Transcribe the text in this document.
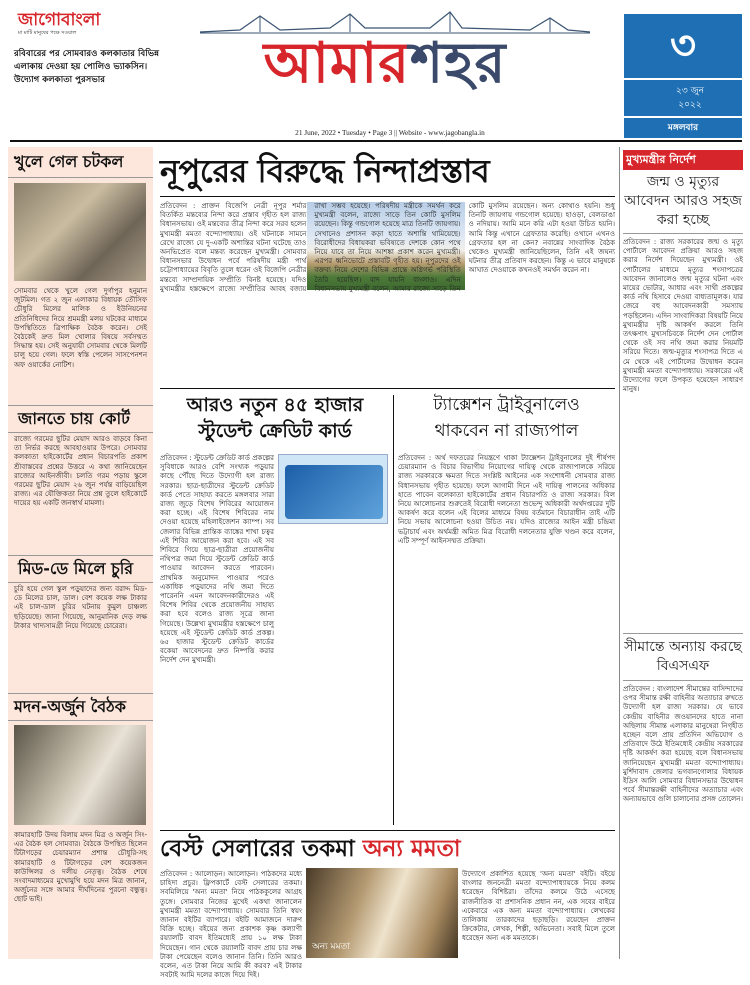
জাগোবাংলা
মা মাটি মানুষের পক্ষে সওয়াল
রবিবারের পর সোমবারও কলকাতার বিভিন্ন এলাকায় দেওয়া হয় পোলিও ভ্যাকসিন। উদ্যোগ কলকাতা পুরসভার	আমারশহর
21 June, 2022 • Tuesday • Page 3 || Website - www.jagobangla.in
৩
২৩ জুন ২০২২
মঙ্গলবার
খুলে গেল চটকল
সোমবার থেকে খুলে গেল দুর্গাপুর হনুমান জুটমিল। গত ২ জুন এলাকার বিধায়ক তৌসিফ চৌধুরি মিলের মালিক ও ইউনিয়নের প্রতিনিধিদের নিয়ে শ্রমমন্ত্রী মলয় ঘটকের মাধ্যমে উপস্থিতিতে ত্রিপাক্ষিক বৈঠক করেন। সেই বৈঠকেই দ্রুত মিল খোলার বিষয়ে সর্বসম্মত সিদ্ধান্ত হয়। সেই অনুযায়ী সোমবার থেকে মিলটি চালু হয়ে গেল। ফলে স্বস্তি পেলেন সাসপেনশন অফ ওয়ার্কের নোটিশ।
জানতে চায় কোর্ট
রাজ্যে গরমের ছুটির মেয়াদ আরও বাড়বে কিনা তা নির্ভর করছে আবহাওয়ার উপরে। সোমবার কলকাতা হাইকোর্টের প্রধান বিচারপতি প্রকাশ শ্রীবাস্তবের প্রশ্নের উত্তরে এ কথা জানিয়েছেন রাজ্যের আইনজীবী। চলতি গরম পড়ায় স্কুলে গরমের ছুটির মেয়াদ ২৬ জুন পর্যন্ত বাড়িয়েছিল রাজ্য। এর যৌক্তিকতা নিয়ে প্রশ্ন তুলে হাইকোর্টে দায়ের হয় একটি জনস্বার্থ মামলা।
মিড-ডে মিলে চুরি
চুরি হয়ে গেল স্কুল পড়ুয়াদের জন্য বরাদ্দ মিড-ডে মিলের চাল, ডাল। বেশ কয়েক লক্ষ টাকার এই চাল-ডাল চুরির ঘটনায় কুমুল চাঞ্চল্য ছড়িয়েছে। জানা গিয়েছে, আনুমানিক দেড় লক্ষ টাকার খাদ্যসামগ্রী নিয়ে গিয়েছে চোরেরা।
মদন-অর্জুন বৈঠক
কামারহাটি উদয় বিলায় মদন মিত্র ও অর্জুন সিং-এর বৈঠক হল সোমবার। বৈঠকে উপস্থিত ছিলেন টিটাগড়ের চেয়ারম্যান প্রশান্ত চৌধুরি-সহ কামারহাটি ও টিটাগড়ের বেশ কয়েকজন কাউন্সিলর ও দলীয় নেতৃত্ব। বৈঠক শেষে সংবাদমাধ্যমের মুখোমুখি হয়ে মদন মিত্র জানান, অর্জুনের সঙ্গে আমার দীর্ঘদিনের পুরনো বন্ধুত্ব। ছোট ভাই।
নূপুরের বিরুদ্ধে নিন্দাপ্রস্তাব
প্রতিবেদন : প্রাক্তন বিজেপি নেত্রী নূপুর শর্মার বিতর্কিত মন্তব্যের নিন্দা করে প্রস্তাব গৃহীত হল রাজ্য বিধানসভায়। ওই মন্তব্যের তীব্র নিন্দা করে সরব হলেন মুখ্যমন্ত্রী মমতা বন্দ্যোপাধ্যায়। ওই ঘটনাকে সামনে রেখে রাজ্যে যে দু-একটি অশান্তির ঘটনা ঘটেছে তাও অনভিপ্রেত বলে মন্তব্য করেছেন মুখ্যমন্ত্রী। সোমবার বিধানসভার উদ্বোধন পর্বে পরিষদীয় মন্ত্রী পার্থ চট্টোপাধ্যায়ের বিবৃতি তুলে ধরেন ওই বিজেপি নেত্রীর মন্তব্যে সাম্প্রদায়িক সম্প্রীতি বিনষ্ট হয়েছে। যদিও মুখ্যমন্ত্রীর হস্তক্ষেপে রাজ্যে সম্প্রীতির আবহ বজায় রাখা সম্ভব হয়েছে। পরিষদীয় মন্ত্রীকে সমর্থন করে মুখ্যমন্ত্রী বলেন, রাজ্যে সাড়ে তিন কোটি মুসলিম রয়েছেন। কিন্তু গন্ডগোল হয়েছে মাত্র তিনটি জায়গায়। সেখানেও প্রশাসন কড়া হাতে অশান্তি থামিয়েছে। বিরোধীদের বিধায়করা ভবিষ্যতে দেশকে কোন পথে নিয়ে যাবে তা নিয়ে আশঙ্কা প্রকাশ করেন মুখ্যমন্ত্রী। এরপর ধ্বনিভোটে প্রস্তাবটি গৃহীত হয়। নূপুরদের ওই বক্তব্য নিয়ে দেশের বিভিন্ন প্রান্তে অগ্নিগর্ভ পরিস্থিতি তৈরি হয়েছিল। বাদ যায়নি বাংলাও। এদিন বিধানসভায় মুখ্যমন্ত্রী বলেন, আমার রাজ্যে সাড়ে তিন কোটি মুসলিম রয়েছেন। অন্য কোথাও হয়নি। শুধু তিনটি জায়গায় গন্ডগোল হয়েছে। হাওড়া, বেলডাঙা ও নদিয়ায়। আমি মনে করি এটা হওয়া উচিত হয়নি। আমি কিন্তু এখানে গ্রেফতার করেছি। ওখানে এখনও গ্রেফতার হল না কেন? নবান্নের সাংবাদিক বৈঠক থেকেও মুখ্যমন্ত্রী জানিয়েছিলেন, তিনি এই জঘন্য ঘটনার তীব্র প্রতিবাদ করছেন। কিন্তু এ ভাবে মানুষকে আঘাত দেওয়াকে কখনওই সমর্থন করেন না।
আরও নতুন ৪৫ হাজার
স্টুডেন্ট ক্রেডিট কার্ড
প্রতিবেদন : স্টুডেন্ট ক্রেডিট কার্ড প্রকল্পের সুবিধাকে আরও বেশি সংখ্যক পড়ুয়ার কাছে পৌঁছে দিতে উদ্যোগী হল রাজ্য সরকার। ছাত্র-ছাত্রীদের স্টুডেন্ট ক্রেডিট কার্ড পেতে সাহায্য করতে মঙ্গলবার সারা রাজ্য জুড়ে বিশেষ শিবিরের আয়োজন করা হচ্ছে। এই বিশেষ শিবিরের নাম দেওয়া হয়েছে মহিলাইজেশন ক্যাম্প। সব জেলার বিভিন্ন প্রান্তিক ব্যাঙ্কের শাখা চত্বর এই শিবির আয়োজন করা হবে। এই সব শিবিরে গিয়ে ছাত্র-ছাত্রীরা প্রয়োজনীয় নথিপত্র জমা দিয়ে স্টুডেন্ট ক্রেডিট কার্ড পাওয়ার আবেদন করতে পারবেন। প্রাথমিক অনুমোদন পাওয়ার পরেও একাধিক পড়ুয়াদের নথি জমা দিতে পারেননি এমন আবেদনকারীদেরও এই বিশেষ শিবির থেকে প্রয়োজনীয় সাহায্য করা হবে বলেও রাজ্য সূত্রে জানা গিয়েছে। উল্লেখ্য মুখ্যমন্ত্রীর হস্তক্ষেপে চালু হয়েছে এই স্টুডেন্ট ক্রেডিট কার্ড প্রকল্প। ৬৫ হাজার স্টুডেন্ট ক্রেডিট কার্ডের বকেয়া আবেদনের দ্রুত নিষ্পত্তি করার নির্দেশ দেন মুখ্যমন্ত্রী।
ট্যাক্সেশন ট্রাইবুনালেও
থাকবেন না রাজ্যপাল
প্রতিবেদন : অর্থ দফতরের নিয়ন্ত্রণে থাকা ট্যাক্সেশন ট্রাইবুনালের দুই শীর্ষপদ চেয়ারম্যান ও বিচার বিভাগীয় নিয়োগের দায়িত্ব থেকে রাজ্যপালকে সরিয়ে রাজ্য সরকারকে ক্ষমতা দিতে সংশ্লিষ্ট আইনের এক সংশোধনী সোমবার রাজ্য বিধানসভায় গৃহীত হয়েছে। ফলে আগামী দিনে এই দায়িত্ব পালনের অধিকার হাতে পাবেন বলেকাতা হাইকোর্টের প্রধান বিচারপতি ও রাজ্য সরকার। বিল নিয়ে আলোচনার শুরুতেই বিরোধী দলনেতা শুভেন্দু অধিকারী অর্থদপ্তরের দুটি আকর্ষণ করে বলেন এই বিলের মাধ্যমে বিষয় বর্তমানে বিচারাধীন তাই এটি নিয়ে সভায় আলোচনা হওয়া উচিত নয়। যদিও রাজ্যের আইন মন্ত্রী চন্দ্রিমা ভট্টাচার্য এবং অর্থমন্ত্রী অমিত মিত্র বিরোধী দলনেতার যুক্তি খণ্ডন করে বলেন, এটি সম্পূর্ণ আইনসম্মত প্রক্রিয়া।
বেস্ট সেলারের তকমা অন্য মমতা
প্রতিবেদন : আলোড়ন। আলোড়ন। পাঠকদের মধ্যে চাহিদা প্রচুর। ফ্লিপকার্টে বেস্ট সেলারের তকমা। সবমিলিয়ে 'অন্য মমতা' নিয়ে পাঠককুলের আগ্রহ তুঙ্গে। সোমবার নিজের মুখেই একথা জানালেন মুখ্যমন্ত্রী মমতা বন্দ্যোপাধ্যায়। সোমবার তিনি স্বয়ং জানান বইটির ব্যাপারে। বইটি আমাজনে দারুণ বিক্রি হচ্ছে। বইয়ের জন্য প্রকাশক কৃষ্ণ কল্যাণী রয়্যালটি বাবদ ইতিমধ্যেই প্রায় ১০ লক্ষ টাকা দিয়েছেন। গান থেকে রয়্যালটি বাবদ প্রায় চার লক্ষ টাকা পেয়েছেন বলেও জানান তিনি। তিনি আরও বলেন, এত টাকা নিয়ে আমি কী করব? এই টাকার সবটাই আমি দলের কাজে দিয়ে দিই।
অন্য মমতা
উদ্যোগে প্রকাশিত হয়েছে 'অন্য মমতা' বইটি। বইয়ে বাংলার জননেত্রী মমতা বন্দ্যোপাধ্যায়কে নিয়ে কলম ধরেছেন বিশিষ্টরা। তাঁদের কলমে উঠে এসেছে রাজনীতিক বা প্রশাসনিক প্রধান নন, এক সবের বাইরে একেবারে এক অন্য মমতা বন্দ্যোপাধ্যায়। লেখকের তালিকায় তারকাদের ছড়াছড়ি। রয়েছেন প্রাক্তন ক্রিকেটার, লেখক, শিল্পী, অভিনেতা। সবাই মিলে তুলে ধরেছেন অন্য এক মমতাকে।
মুখ্যমন্ত্রীর নির্দেশ
জন্ম ও মৃত্যুর আবেদন আরও সহজ করা হচ্ছে
প্রতিবেদন : রাজ্য সরকারের জন্ম ও মৃত্যু পোর্টালে আবেদন প্রক্রিয়া আরও সহজ করার নির্দেশ দিয়েছেন মুখ্যমন্ত্রী। ওই পোর্টালের মাধ্যমে মৃত্যুর শংসাপত্রের আবেদন জানালেও জন্ম মৃত্যুর ঘটনা এবং মায়ের ভোটার, আধার এবং সাথী প্রকল্পের কার্ড নথি হিসাবে দেওয়া বাধ্যতামূলক। যার জেরে বহু আবেদনকারী সমস্যায় পড়ছিলেন। এদিন সাংবাদিকরা বিষয়টি নিয়ে মুখ্যমন্ত্রীর দৃষ্টি আকর্ষণ করলে তিনি তৎক্ষণাৎ মুখ্যসচিবকে নির্দেশ দেন পোর্টাল থেকে ওই সব নথি জমা করার নিয়মটি সরিয়ে দিতে। জন্ম-মৃত্যুর শংসাপত্র দিতে এ মে থেকে এই পোর্টালের উদ্বোধন করেন মুখ্যমন্ত্রী মমতা বন্দ্যোপাধ্যায়। সরকারের এই উদ্যোগের ফলে উপকৃত হয়েছেন সাধারণ মানুষ।
সীমান্তে অন্যায় করছে বিএসএফ
প্রতিবেদন : বাংলাদেশ সীমান্তের বাসিন্দাদের ওপর সীমান্ত রক্ষী বাহিনীর অত্যাচার রুখতে উদ্যোগী হল রাজ্য সরকার। যে ভাবে কেন্দ্রীয় বাহিনীর জওয়ানদের হাতে নানা অছিলায় সীমান্ত এলাকার মানুষেরা নিগৃহীত হচ্ছেন বলে প্রায় প্রতিদিন অভিযোগ ও প্রতিবাদে উঠে ইতিমধ্যেই কেন্দ্রীয় সরকারের দৃষ্টি আকর্ষণ করা হয়েছে বলে বিধানসভায় জানিয়েছেন মুখ্যমন্ত্রী মমতা বন্দ্যোপাধ্যায়। মুর্শিদাবাদ জেলার ভগবানগোলার বিধায়ক ইদ্রিস আলি সোমবার বিধানসভার উদ্বোধন পর্বে সীমান্তরক্ষী বাহিনীদের অত্যাচার এবং অন্যায়ভাবে গুলি চালানোর প্রসঙ্গ তোলেন।
